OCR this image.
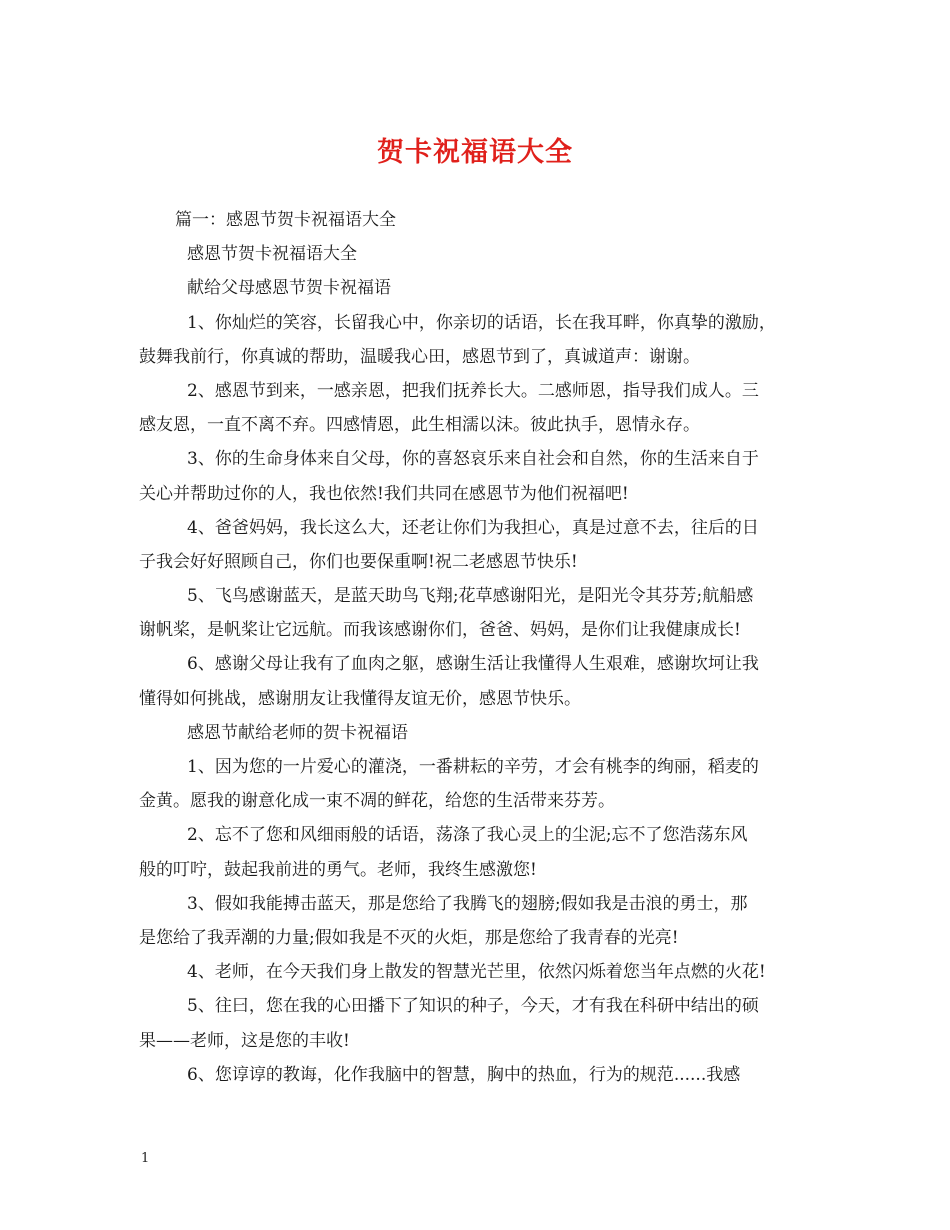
贺卡祝福语大全
篇一：感恩节贺卡祝福语大全
感恩节贺卡祝福语大全
献给父母感恩节贺卡祝福语
1、你灿烂的笑容，长留我心中，你亲切的话语，长在我耳畔，你真挚的激励，
鼓舞我前行，你真诚的帮助，温暖我心田，感恩节到了，真诚道声：谢谢。
2、感恩节到来，一感亲恩，把我们抚养长大。二感师恩，指导我们成人。三
感友恩，一直不离不弃。四感情恩，此生相濡以沫。彼此执手，恩情永存。
3、你的生命身体来自父母，你的喜怒哀乐来自社会和自然，你的生活来自于
关心并帮助过你的人，我也依然!我们共同在感恩节为他们祝福吧!
4、爸爸妈妈，我长这么大，还老让你们为我担心，真是过意不去，往后的日
子我会好好照顾自己，你们也要保重啊!祝二老感恩节快乐!
5、飞鸟感谢蓝天，是蓝天助鸟飞翔;花草感谢阳光，是阳光令其芬芳;航船感
谢帆桨，是帆桨让它远航。而我该感谢你们，爸爸、妈妈，是你们让我健康成长!
6、感谢父母让我有了血肉之躯，感谢生活让我懂得人生艰难，感谢坎坷让我
懂得如何挑战，感谢朋友让我懂得友谊无价，感恩节快乐。
感恩节献给老师的贺卡祝福语
1、因为您的一片爱心的灌浇，一番耕耘的辛劳，才会有桃李的绚丽，稻麦的
金黄。愿我的谢意化成一束不凋的鲜花，给您的生活带来芬芳。
2、忘不了您和风细雨般的话语，荡涤了我心灵上的尘泥;忘不了您浩荡东风
般的叮咛，鼓起我前进的勇气。老师，我终生感激您!
3、假如我能搏击蓝天，那是您给了我腾飞的翅膀;假如我是击浪的勇士，那
是您给了我弄潮的力量;假如我是不灭的火炬，那是您给了我青春的光亮!
4、老师，在今天我们身上散发的智慧光芒里，依然闪烁着您当年点燃的火花!
5、往曰，您在我的心田播下了知识的种子，今天，才有我在科研中结出的硕
果——老师，这是您的丰收!
6、您谆谆的教诲，化作我脑中的智慧，胸中的热血，行为的规范......我感
1
